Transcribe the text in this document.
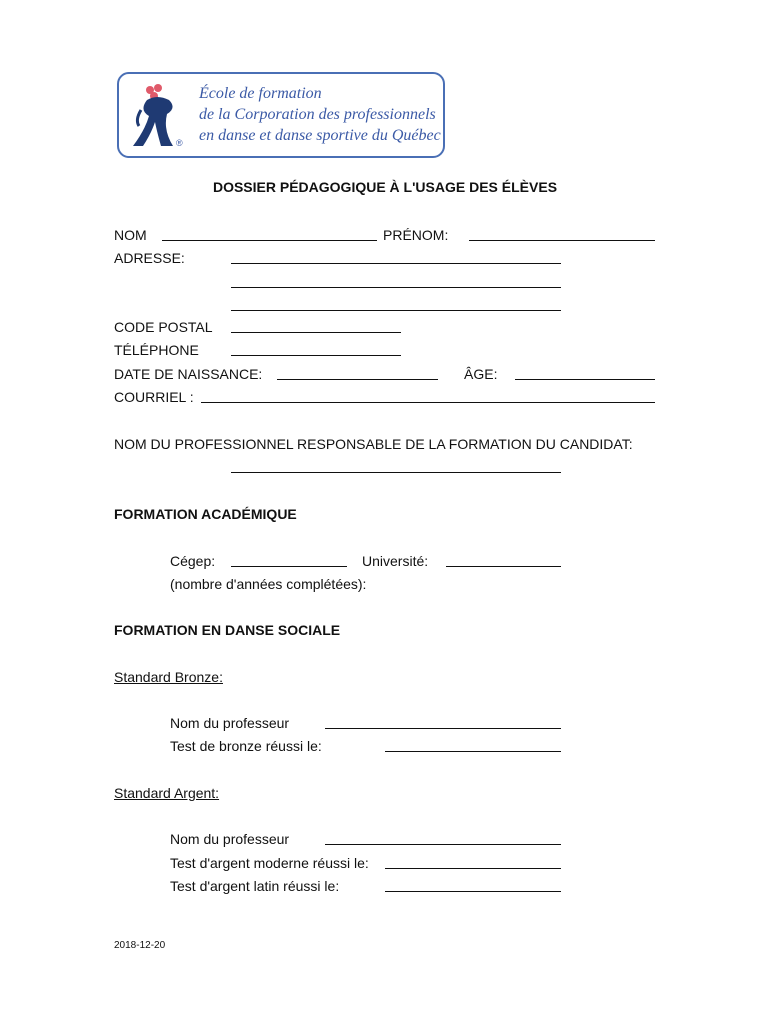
®
École de formation
de la Corporation des professionnels
en danse et danse sportive du Québec
DOSSIER PÉDAGOGIQUE À L'USAGE DES ÉLÈVES
NOM	PRÉNOM:
ADRESSE:
CODE POSTAL
TÉLÉPHONE
DATE DE NAISSANCE:	ÂGE:
COURRIEL :
NOM DU PROFESSIONNEL RESPONSABLE DE LA FORMATION DU CANDIDAT:
FORMATION ACADÉMIQUE
Cégep:	Université:
(nombre d'années complétées):
FORMATION EN DANSE SOCIALE
Standard Bronze:
Nom du professeur
Test de bronze réussi le:
Standard Argent:
Nom du professeur
Test d'argent moderne réussi le:
Test d'argent latin réussi le:
2018-12-20
